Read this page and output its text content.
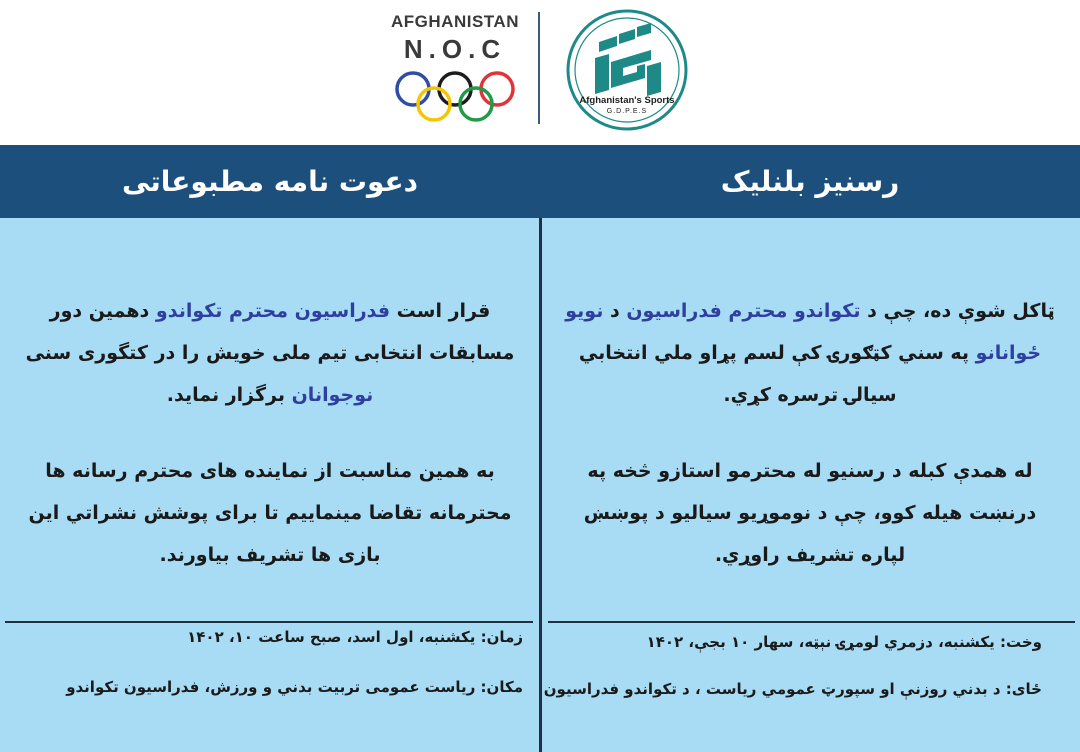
AFGHANISTAN
N.O.C
Afghanistan's Sports
G.D.P.E.S
دعوت نامه مطبوعاتی	رسنيز بلنليک
قرار است فدراسیون محترم تکواندو دهمین دور مسابقات انتخابی تیم ملی خویش را در کتگوری سنی نوجوانان برگزار نماید.
به همین مناسبت از نماینده های محترم رسانه ها محترمانه تقاضا مینماییم تا برای پوشش نشراتي این بازی ها تشریف بیاورند.
ټاکل شوې ده، چې د تکواندو محترم فدراسیون د نويو ځوانانو په سني کټګورۍ کې لسم پړاو ملي انتخابي سيالۍ ترسره کړي.
له همدې کبله د رسنيو له محترمو استازو څخه په درنښت هيله کوو، چې د نوموړيو سياليو د پوښښ لپاره تشريف راوړي.
زمان: یکشنبه، اول اسد، صبح ساعت ۱۰، ۱۴۰۲
مکان: ریاست عمومی تربیت بدني و ورزش، فدراسیون تکواندو
وخت: يکشنبه، دزمري لومړۍ نېټه، سهار ۱۰ بجې، ۱۴۰۲
ځای: د بدني روزنې او سپورټ عمومي رياست ، د تکواندو فدراسيون
